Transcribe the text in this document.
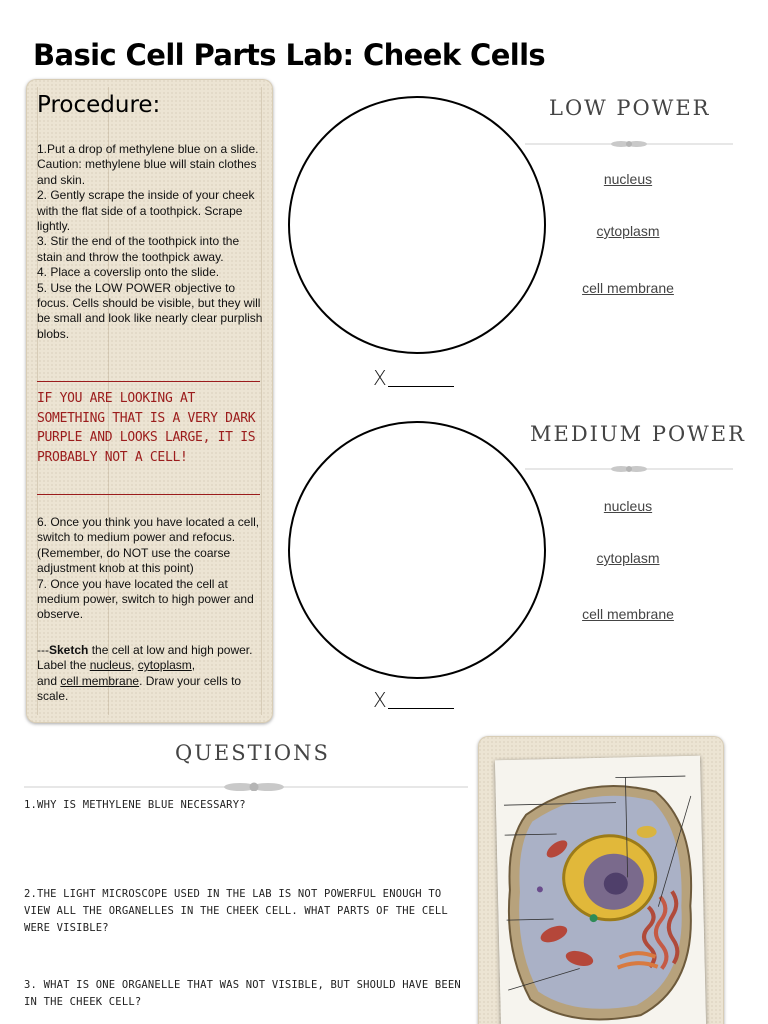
Basic Cell Parts Lab: Cheek Cells
Procedure:

1.Put a drop of methylene blue on a slide. Caution: methylene blue will stain clothes and skin.
2. Gently scrape the inside of your cheek with the flat side of a toothpick. Scrape lightly.
3. Stir the end of the toothpick into the stain and throw the toothpick away.
4. Place a coverslip onto the slide.
5. Use the LOW POWER objective to focus. Cells should be visible, but they will be small and look like nearly clear purplish blobs.

IF YOU ARE LOOKING AT SOMETHING THAT IS A VERY DARK PURPLE AND LOOKS LARGE, IT IS PROBABLY NOT A CELL!

6. Once you think you have located a cell, switch to medium power and refocus. (Remember, do NOT use the coarse adjustment knob at this point)
7. Once you have located the cell at medium power, switch to high power and observe.

---Sketch the cell at low and high power. Label the nucleus, cytoplasm,
and cell membrane. Draw your cells to scale.

X
LOW POWER
nucleus
cytoplasm
cell membrane
X
MEDIUM POWER
nucleus
cytoplasm
cell membrane
QUESTIONS
1.WHY IS METHYLENE BLUE NECESSARY?
2.THE LIGHT MICROSCOPE USED IN THE LAB IS NOT POWERFUL ENOUGH TO VIEW ALL THE ORGANELLES IN THE CHEEK CELL. WHAT PARTS OF THE CELL WERE VISIBLE?
3. WHAT IS ONE ORGANELLE THAT WAS NOT VISIBLE, BUT SHOULD HAVE BEEN IN THE CHEEK CELL?
